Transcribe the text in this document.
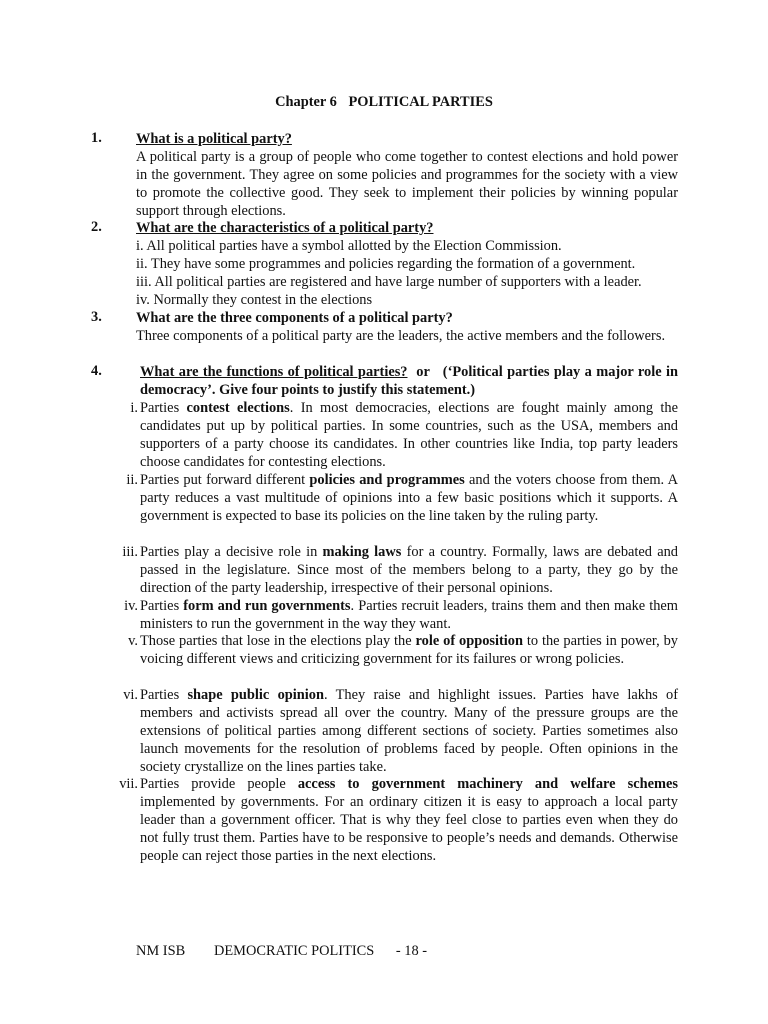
Chapter 6 POLITICAL PARTIES
1.	What is a political party?
A political party is a group of people who come together to contest elections and hold power in the government. They agree on some policies and programmes for the society with a view to promote the collective good. They seek to implement their policies by winning popular support through elections.
2.	What are the characteristics of a political party?
i. All political parties have a symbol allotted by the Election Commission.
ii. They have some programmes and policies regarding the formation of a government.
iii. All political parties are registered and have large number of supporters with a leader.
iv. Normally they contest in the elections
3.	What are the three components of a political party?
Three components of a political party are the leaders, the active members and the followers.
4.	What are the functions of political parties?  or   (‘Political parties play a major role in democracy’. Give four points to justify this statement.)
i. Parties contest elections. In most democracies, elections are fought mainly among the candidates put up by political parties. In some countries, such as the USA, members and supporters of a party choose its candidates. In other countries like India, top party leaders choose candidates for contesting elections.
ii. Parties put forward different policies and programmes and the voters choose from them. A party reduces a vast multitude of opinions into a few basic positions which it supports. A government is expected to base its policies on the line taken by the ruling party.
iii. Parties play a decisive role in making laws for a country. Formally, laws are debated and passed in the legislature. Since most of the members belong to a party, they go by the direction of the party leadership, irrespective of their personal opinions.
iv. Parties form and run governments. Parties recruit leaders, trains them and then make them ministers to run the government in the way they want.
v. Those parties that lose in the elections play the role of opposition to the parties in power, by voicing different views and criticizing government for its failures or wrong policies.
vi. Parties shape public opinion. They raise and highlight issues. Parties have lakhs of members and activists spread all over the country. Many of the pressure groups are the extensions of political parties among different sections of society. Parties sometimes also launch movements for the resolution of problems faced by people. Often opinions in the society crystallize on the lines parties take.
vii. Parties provide people access to government machinery and welfare schemes implemented by governments. For an ordinary citizen it is easy to approach a local party leader than a government officer. That is why they feel close to parties even when they do not fully trust them. Parties have to be responsive to people’s needs and demands. Otherwise people can reject those parties in the next elections.
NM ISB DEMOCRATIC POLITICS - 18 -
